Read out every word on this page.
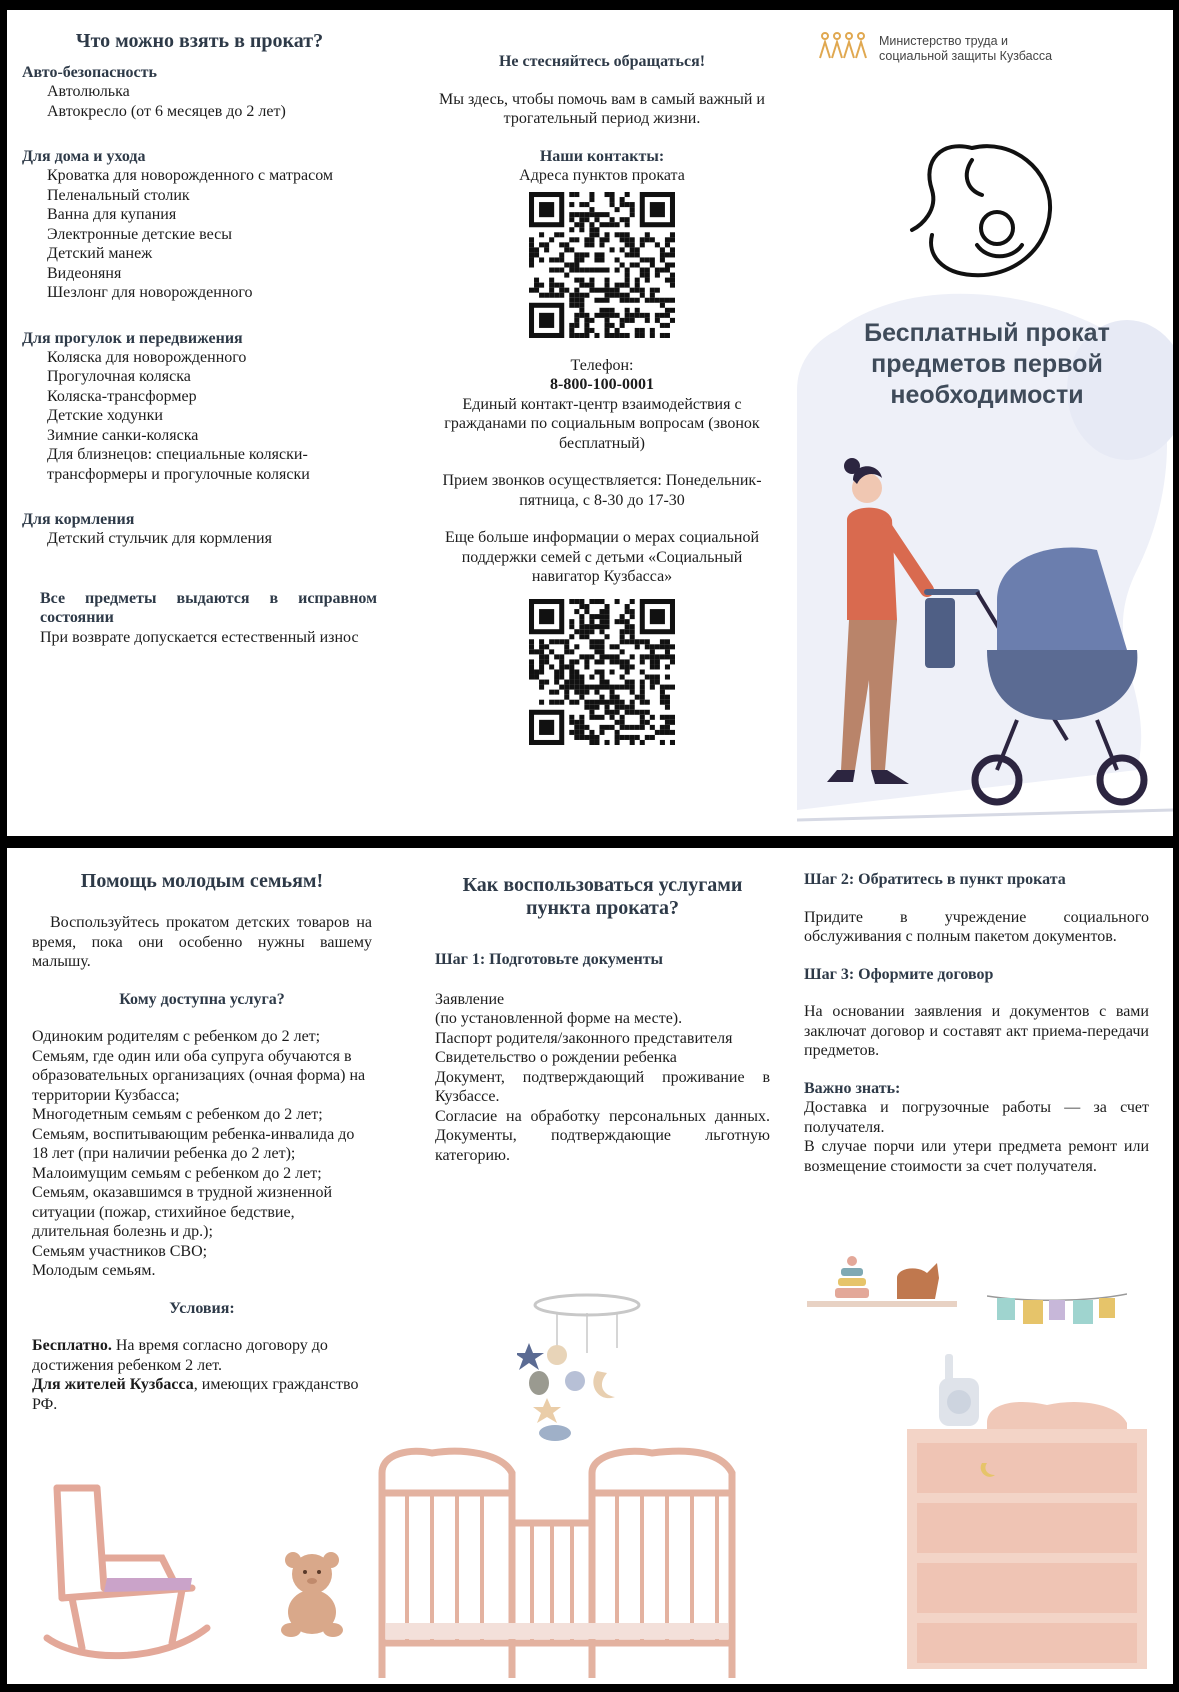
Что можно взять в прокат?
Авто-безопасность
Автолюлька
Автокресло (от 6 месяцев до 2 лет)
Для дома и ухода
Кроватка для новорожденного с матрасом
Пеленальный столик
Ванна для купания
Электронные детские весы
Детский манеж
Видеоняня
Шезлонг для новорожденного
Для прогулок и передвижения
Коляска для новорожденного
Прогулочная коляска
Коляска-трансформер
Детские ходунки
Зимние санки-коляска
Для близнецов: специальные коляски-трансформеры и прогулочные коляски
Для кормления
Детский стульчик для кормления
Все предметы выдаются в исправном состоянии
При возврате допускается естественный износ
Не стесняйтесь обращаться!
Мы здесь, чтобы помочь вам в самый важный и трогательный период жизни.
Наши контакты:
Адреса пунктов проката
Телефон:
8-800-100-0001
Единый контакт-центр взаимодействия с гражданами по социальным вопросам (звонок бесплатный)
Прием звонков осуществляется: Понедельник-пятница, с 8-30 до 17-30
Еще больше информации о мерах социальной поддержки семей с детьми «Социальный навигатор Кузбасса»
Министерство труда и социальной защиты Кузбасса
Бесплатный прокат предметов первой необходимости
Помощь молодым семьям!
Воспользуйтесь прокатом детских товаров на время, пока они особенно нужны вашему малышу.
Кому доступна услуга?
Одиноким родителям с ребенком до 2 лет;
Семьям, где один или оба супруга обучаются в образовательных организациях (очная форма) на территории Кузбасса;
Многодетным семьям с ребенком до 2 лет;
Семьям, воспитывающим ребенка-инвалида до 18 лет (при наличии ребенка до 2 лет);
Малоимущим семьям с ребенком до 2 лет;
Семьям, оказавшимся в трудной жизненной ситуации (пожар, стихийное бедствие, длительная болезнь и др.);
Семьям участников СВО;
Молодым семьям.
Условия:
Бесплатно. На время согласно договору до достижения ребенком 2 лет.
Для жителей Кузбасса, имеющих гражданство РФ.
Как воспользоваться услугами пункта проката?
Шаг 1: Подготовьте документы
Заявление
(по установленной форме на месте).
Паспорт родителя/законного представителя
Свидетельство о рождении ребенка
Документ, подтверждающий проживание в Кузбассе.
Согласие на обработку персональных данных. Документы, подтверждающие льготную категорию.
Шаг 2: Обратитесь в пункт проката
Придите в учреждение социального обслуживания с полным пакетом документов.
Шаг 3: Оформите договор
На основании заявления и документов с вами заключат договор и составят акт приема-передачи предметов.
Важно знать:
Доставка и погрузочные работы — за счет получателя.
В случае порчи или утери предмета ремонт или возмещение стоимости за счет получателя.
